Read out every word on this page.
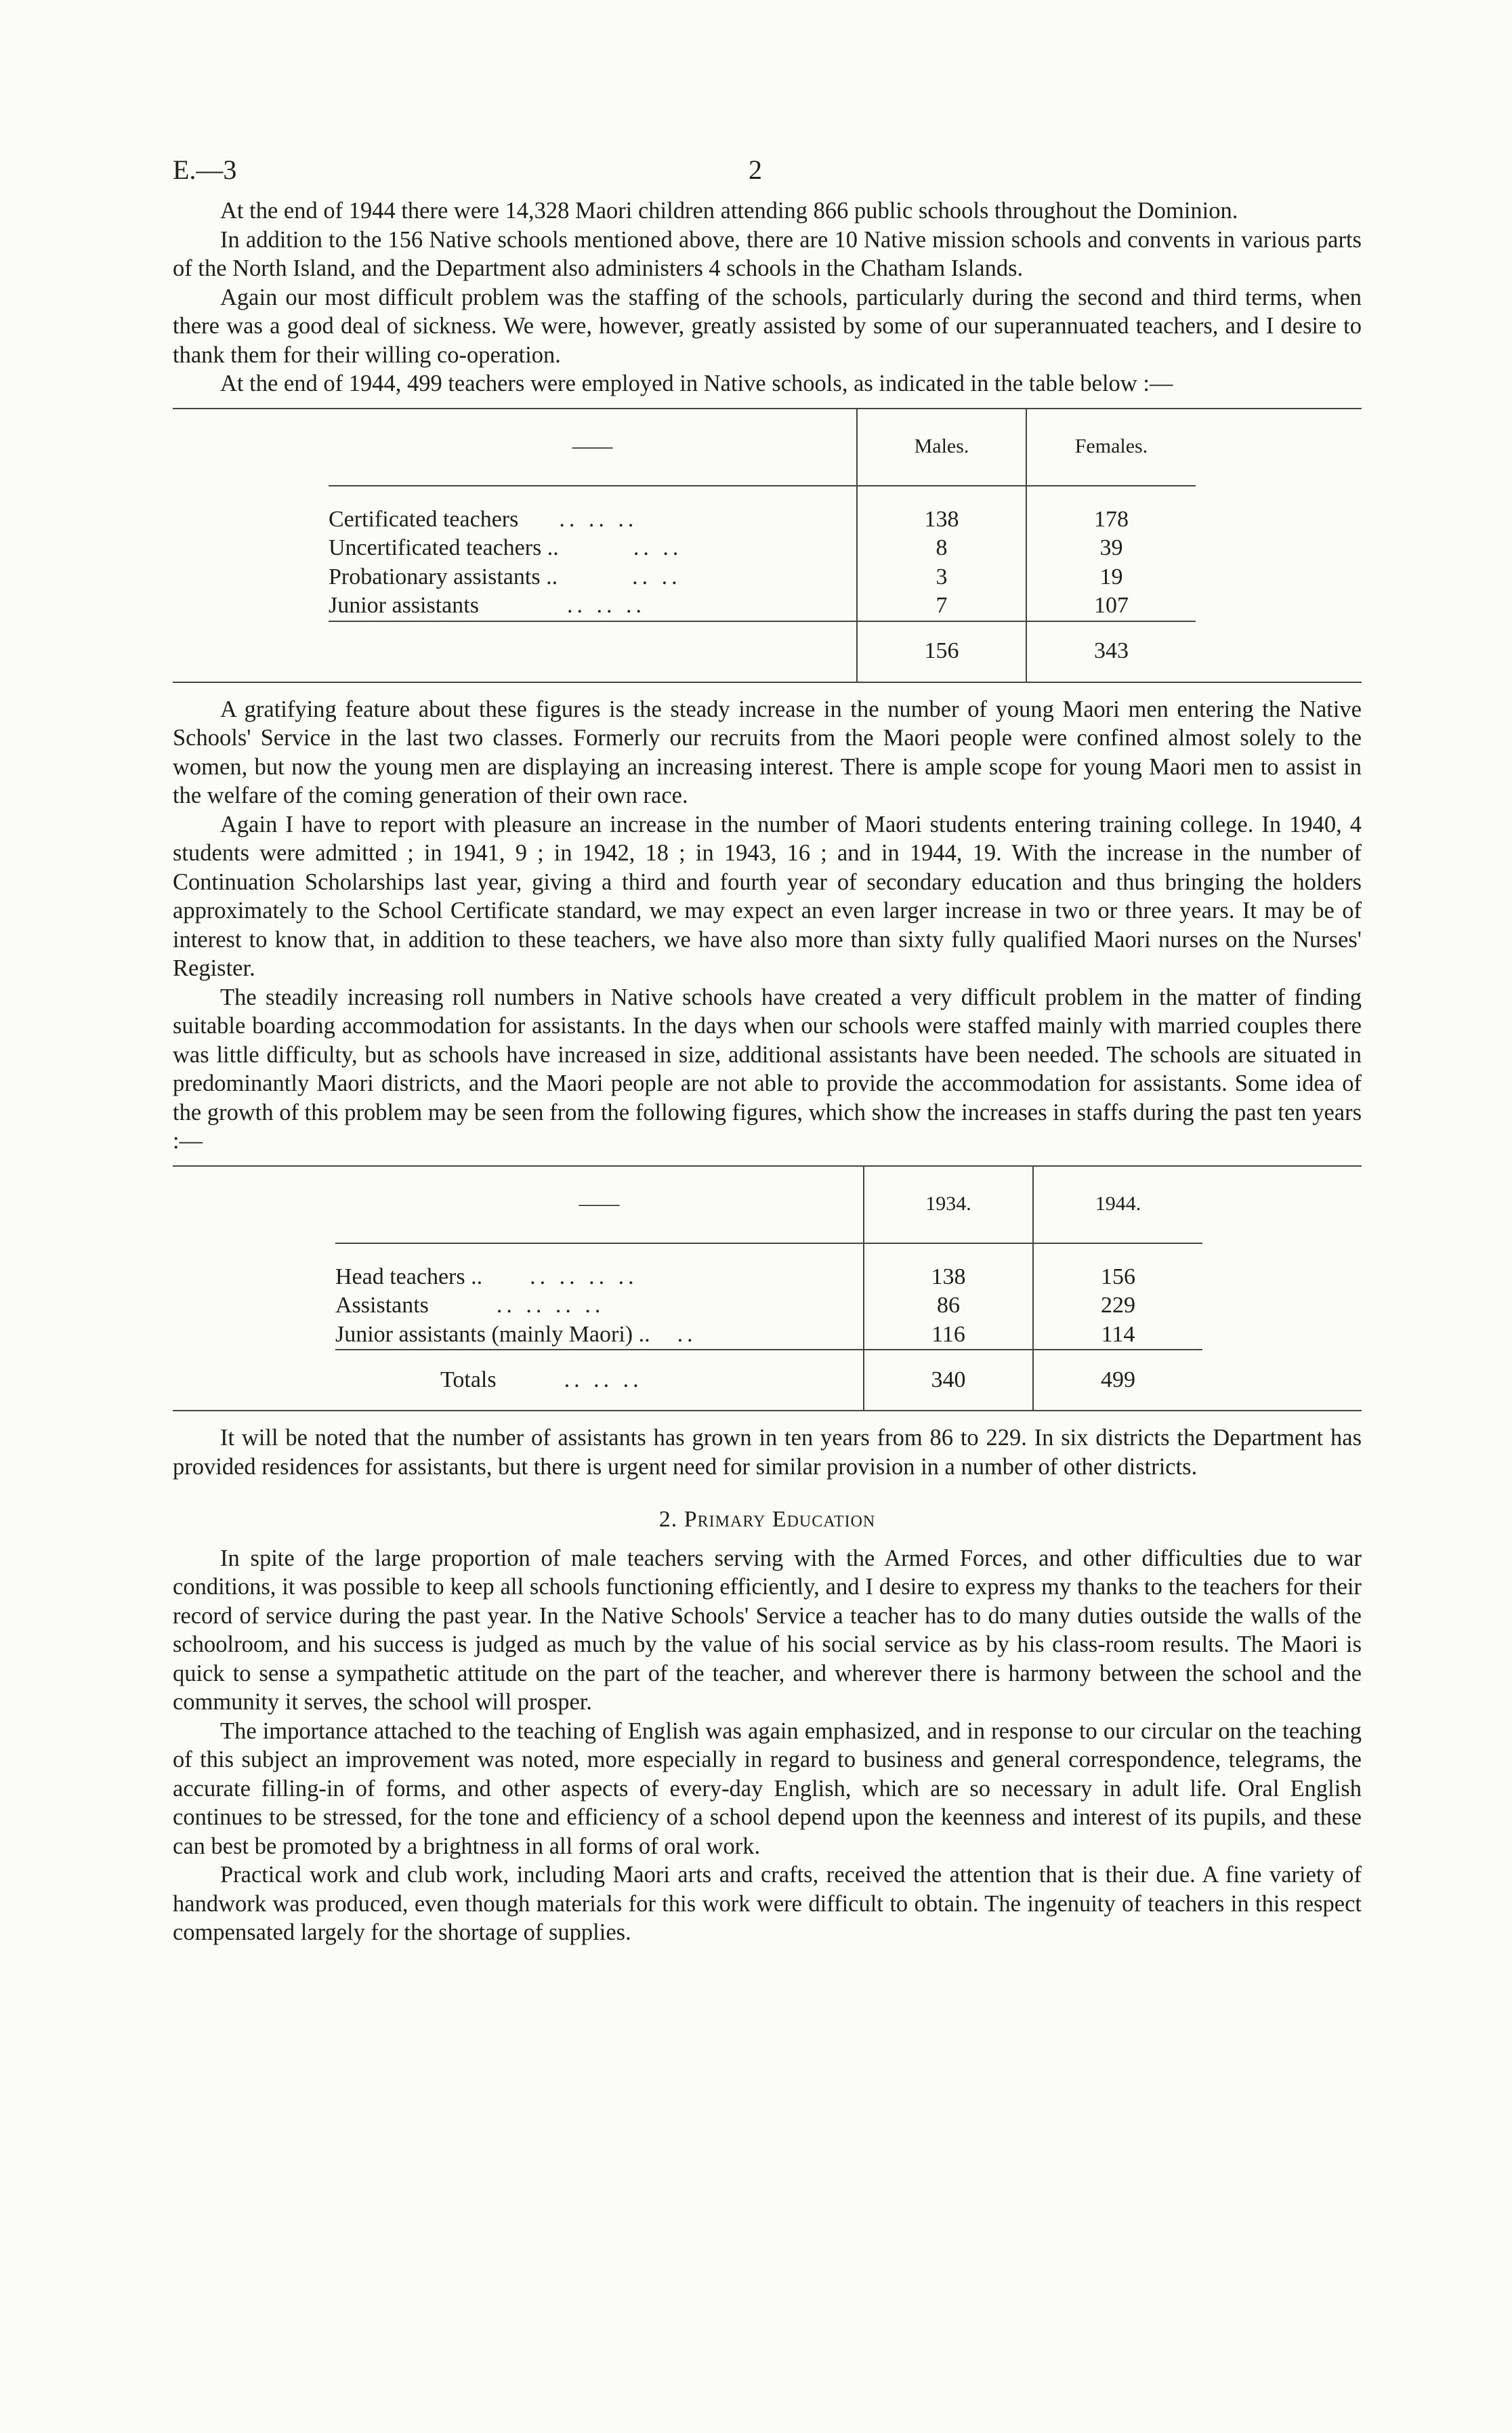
E.—3	2

At the end of 1944 there were 14,328 Maori children attending 866 public schools throughout the Dominion.

In addition to the 156 Native schools mentioned above, there are 10 Native mission schools and convents in various parts of the North Island, and the Department also administers 4 schools in the Chatham Islands.

Again our most difficult problem was the staffing of the schools, particularly during the second and third terms, when there was a good deal of sickness. We were, however, greatly assisted by some of our superannuated teachers, and I desire to thank them for their willing co-operation.

At the end of 1944, 499 teachers were employed in Native schools, as indicated in the table below :—

——	Males.	Females.
Certificated teachers .. .. ..	138	178
Uncertificated teachers .. .. ..	8	39
Probationary assistants .. .. ..	3	19
Junior assistants .. .. ..	7	107
	156	343

A gratifying feature about these figures is the steady increase in the number of young Maori men entering the Native Schools' Service in the last two classes. Formerly our recruits from the Maori people were confined almost solely to the women, but now the young men are displaying an increasing interest. There is ample scope for young Maori men to assist in the welfare of the coming generation of their own race.

Again I have to report with pleasure an increase in the number of Maori students entering training college. In 1940, 4 students were admitted ; in 1941, 9 ; in 1942, 18 ; in 1943, 16 ; and in 1944, 19. With the increase in the number of Continuation Scholarships last year, giving a third and fourth year of secondary education and thus bringing the holders approximately to the School Certificate standard, we may expect an even larger increase in two or three years. It may be of interest to know that, in addition to these teachers, we have also more than sixty fully qualified Maori nurses on the Nurses' Register.

The steadily increasing roll numbers in Native schools have created a very difficult problem in the matter of finding suitable boarding accommodation for assistants. In the days when our schools were staffed mainly with married couples there was little difficulty, but as schools have increased in size, additional assistants have been needed. The schools are situated in predominantly Maori districts, and the Maori people are not able to provide the accommodation for assistants. Some idea of the growth of this problem may be seen from the following figures, which show the increases in staffs during the past ten years :—

——	1934.	1944.
Head teachers .. .. .. .. ..	138	156
Assistants .. .. .. ..	86	229
Junior assistants (mainly Maori) .. ..	116	114
Totals .. .. ..	340	499

It will be noted that the number of assistants has grown in ten years from 86 to 229. In six districts the Department has provided residences for assistants, but there is urgent need for similar provision in a number of other districts.

2. Primary Education

In spite of the large proportion of male teachers serving with the Armed Forces, and other difficulties due to war conditions, it was possible to keep all schools functioning efficiently, and I desire to express my thanks to the teachers for their record of service during the past year. In the Native Schools' Service a teacher has to do many duties outside the walls of the schoolroom, and his success is judged as much by the value of his social service as by his class-room results. The Maori is quick to sense a sympathetic attitude on the part of the teacher, and wherever there is harmony between the school and the community it serves, the school will prosper.

The importance attached to the teaching of English was again emphasized, and in response to our circular on the teaching of this subject an improvement was noted, more especially in regard to business and general correspondence, telegrams, the accurate filling-in of forms, and other aspects of every-day English, which are so necessary in adult life. Oral English continues to be stressed, for the tone and efficiency of a school depend upon the keenness and interest of its pupils, and these can best be promoted by a brightness in all forms of oral work.

Practical work and club work, including Maori arts and crafts, received the attention that is their due. A fine variety of handwork was produced, even though materials for this work were difficult to obtain. The ingenuity of teachers in this respect compensated largely for the shortage of supplies.
